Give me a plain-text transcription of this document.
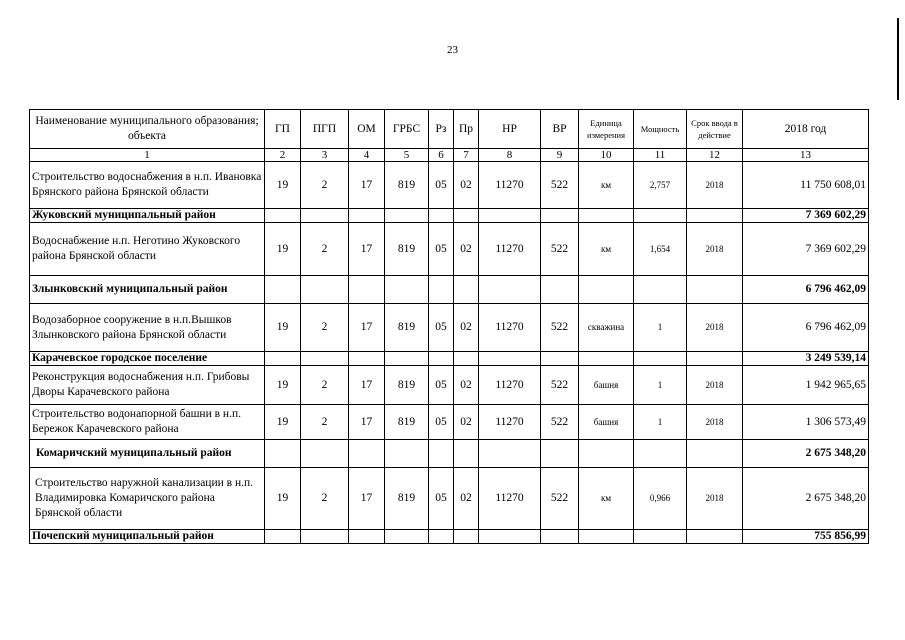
23
Наименование муниципального образования; объекта	ГП	ПГП	ОМ	ГРБС	Рз	Пр	НР	ВР	Единица измерения	Мощность	Срок ввода в действие	2018 год
1	2	3	4	5	6	7	8	9	10	11	12	13
Строительство водоснабжения в н.п. Ивановка Брянского района Брянской области	19	2	17	819	05	02	11270	522	км	2,757	2018	11 750 608,01
Жуковский муниципальный район												7 369 602,29
Водоснабжение н.п. Неготино Жуковского района Брянской области	19	2	17	819	05	02	11270	522	км	1,654	2018	7 369 602,29
Злынковский муниципальный район												6 796 462,09
Водозаборное сооружение в н.п.Вышков Злынковского района Брянской области	19	2	17	819	05	02	11270	522	скважина	1	2018	6 796 462,09
Карачевское городское поселение												3 249 539,14
Реконструкция водоснабжения н.п. Грибовы Дворы Карачевского района	19	2	17	819	05	02	11270	522	башня	1	2018	1 942 965,65
Строительство водонапорной башни в н.п. Бережок Карачевского района	19	2	17	819	05	02	11270	522	башня	1	2018	1 306 573,49
Комаричский муниципальный район												2 675 348,20
Строительство наружной канализации в н.п. Владимировка Комаричского района Брянской области	19	2	17	819	05	02	11270	522	км	0,966	2018	2 675 348,20
Почепский муниципальный район												755 856,99
